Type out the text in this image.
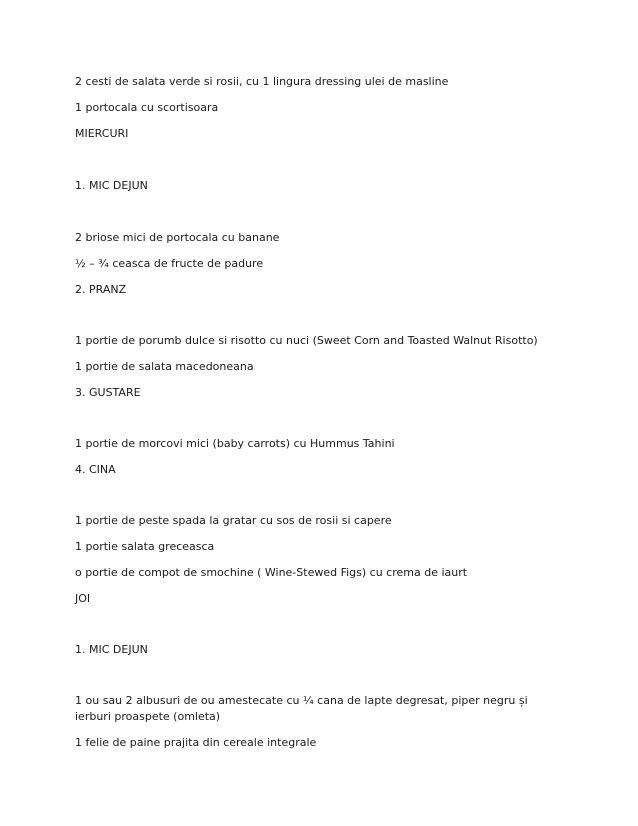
2 cesti de salata verde si rosii, cu 1 lingura dressing ulei de masline
1 portocala cu scortisoara
MIERCURI
1. MIC DEJUN
2 briose mici de portocala cu banane
½ – ¾ ceasca de fructe de padure
2. PRANZ
1 portie de porumb dulce si risotto cu nuci (Sweet Corn and Toasted Walnut Risotto)
1 portie de salata macedoneana
3. GUSTARE
1 portie de morcovi mici (baby carrots) cu Hummus Tahini
4. CINA
1 portie de peste spada la gratar cu sos de rosii si capere
1 portie salata greceasca
o portie de compot de smochine ( Wine-Stewed Figs) cu crema de iaurt
JOI
1. MIC DEJUN
1 ou sau 2 albusuri de ou amestecate cu ¼ cana de lapte degresat, piper negru și ierburi proaspete (omleta)
1 felie de paine prajita din cereale integrale
